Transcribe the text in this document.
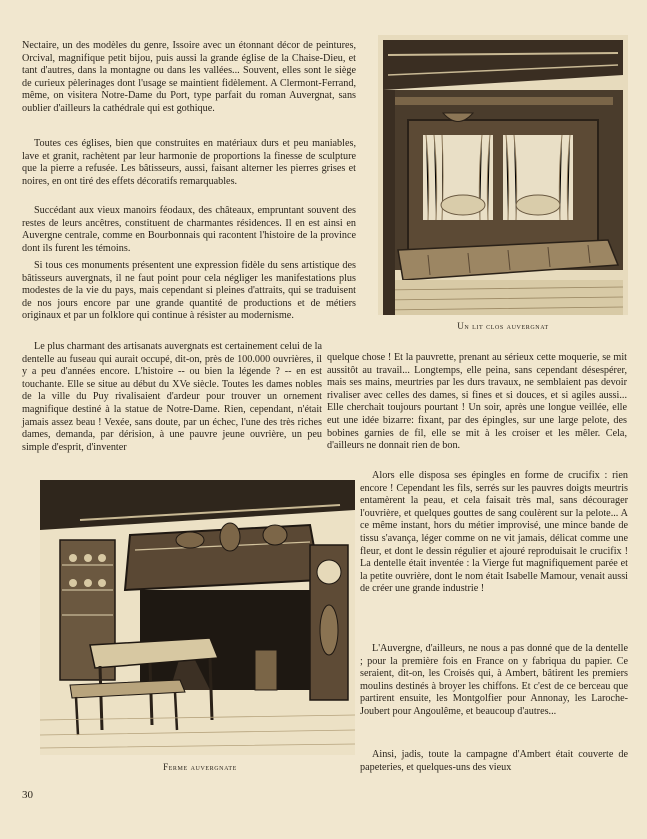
Nectaire, un des modèles du genre, Issoire avec un étonnant décor de peintures, Orcival, magnifique petit bijou, puis aussi la grande église de la Chaise-Dieu, et tant d'autres, dans la montagne ou dans les vallées... Souvent, elles sont le siège de curieux pèlerinages dont l'usage se maintient fidèlement. A Clermont-Ferrand, même, on visitera Notre-Dame du Port, type parfait du roman Auvergnat, sans oublier d'ailleurs la cathédrale qui est gothique.

Toutes ces églises, bien que construites en matériaux durs et peu maniables, lave et granit, rachètent par leur harmonie de proportions la finesse de sculpture que la pierre a refusée. Les bâtisseurs, aussi, faisant alterner les pierres grises et noires, en ont tiré des effets décoratifs remarquables.

Succédant aux vieux manoirs féodaux, des châteaux, empruntant souvent des restes de leurs ancêtres, constituent de charmantes résidences. Il en est ainsi en Auvergne centrale, comme en Bourbonnais qui racontent l'histoire de la province dont ils furent les témoins.

Si tous ces monuments présentent une expression fidèle du sens artistique des bâtisseurs auvergnats, il ne faut point pour cela négliger les manifestations plus modestes de la vie du pays, mais cependant si pleines d'attraits, qui se traduisent de nos jours encore par une grande quantité de productions et de métiers originaux et par un folklore qui continue à résister au modernisme.

Le plus charmant des artisanats auvergnats est certainement celui de la dentelle au fuseau qui aurait occupé, dit-on, près de 100.000 ouvrières, il y a peu d'années encore. L'histoire -- ou bien la légende ? -- en est touchante. Elle se situe au début du XVe siècle. Toutes les dames nobles de la ville du Puy rivalisaient d'ardeur pour trouver un ornement magnifique destiné à la statue de Notre-Dame. Rien, cependant, n'était jamais assez beau ! Vexée, sans doute, par un échec, l'une des très riches dames, demanda, par dérision, à une pauvre jeune ouvrière, un peu simple d'esprit, d'inventer

quelque chose ! Et la pauvrette, prenant au sérieux cette moquerie, se mit aussitôt au travail... Longtemps, elle peina, sans cependant désespérer, mais ses mains, meurtries par les durs travaux, ne semblaient pas devoir rivaliser avec celles des dames, si fines et si douces, et si agiles aussi... Elle cherchait toujours pourtant ! Un soir, après une longue veillée, elle eut une idée bizarre: fixant, par des épingles, sur une large pelote, des bobines garnies de fil, elle se mit à les croiser et les mêler. Cela, d'ailleurs ne donnait rien de bon.

Alors elle disposa ses épingles en forme de crucifix : rien encore ! Cependant les fils, serrés sur les pauvres doigts meurtris entamèrent la peau, et cela faisait très mal, sans décourager l'ouvrière, et quelques gouttes de sang coulèrent sur la pelote... A ce même instant, hors du métier improvisé, une mince bande de tissu s'avança, léger comme on ne vit jamais, délicat comme une fleur, et dont le dessin régulier et ajouré reproduisait le crucifix ! La dentelle était inventée : la Vierge fut magnifiquement parée et la petite ouvrière, dont le nom était Isabelle Mamour, venait aussi de créer une grande industrie !

L'Auvergne, d'ailleurs, ne nous a pas donné que de la dentelle ; pour la première fois en France on y fabriqua du papier. Ce seraient, dit-on, les Croisés qui, à Ambert, bâtirent les premiers moulins destinés à broyer les chiffons. Et c'est de ce berceau que partirent ensuite, les Montgolfier pour Annonay, les Laroche-Joubert pour Angoulême, et beaucoup d'autres...

Ainsi, jadis, toute la campagne d'Ambert était couverte de papeteries, et quelques-uns des vieux

Un lit clos auvergnat
Ferme auvergnate
30
